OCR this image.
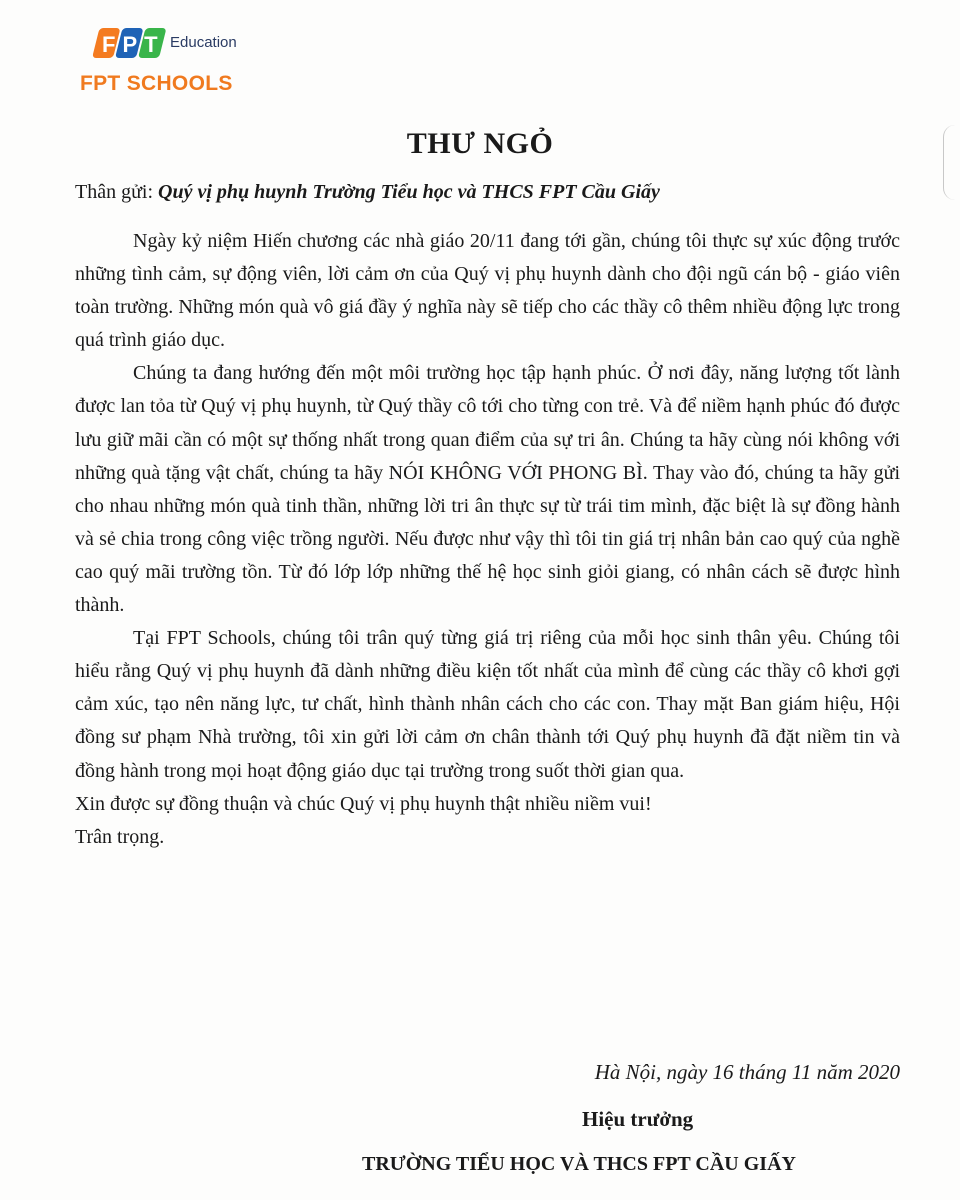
FPT Education
FPT SCHOOLS
THƯ NGỎ
Thân gửi: Quý vị phụ huynh Trường Tiểu học và THCS FPT Cầu Giấy

Ngày kỷ niệm Hiến chương các nhà giáo 20/11 đang tới gần, chúng tôi thực sự xúc động trước những tình cảm, sự động viên, lời cảm ơn của Quý vị phụ huynh dành cho đội ngũ cán bộ - giáo viên toàn trường. Những món quà vô giá đầy ý nghĩa này sẽ tiếp cho các thầy cô thêm nhiều động lực trong quá trình giáo dục.

Chúng ta đang hướng đến một môi trường học tập hạnh phúc. Ở nơi đây, năng lượng tốt lành được lan tỏa từ Quý vị phụ huynh, từ Quý thầy cô tới cho từng con trẻ. Và để niềm hạnh phúc đó được lưu giữ mãi cần có một sự thống nhất trong quan điểm của sự tri ân. Chúng ta hãy cùng nói không với những quà tặng vật chất, chúng ta hãy NÓI KHÔNG VỚI PHONG BÌ. Thay vào đó, chúng ta hãy gửi cho nhau những món quà tinh thần, những lời tri ân thực sự từ trái tim mình, đặc biệt là sự đồng hành và sẻ chia trong công việc trồng người. Nếu được như vậy thì tôi tin giá trị nhân bản cao quý của nghề cao quý mãi trường tồn. Từ đó lớp lớp những thế hệ học sinh giỏi giang, có nhân cách sẽ được hình thành.

Tại FPT Schools, chúng tôi trân quý từng giá trị riêng của mỗi học sinh thân yêu. Chúng tôi hiểu rằng Quý vị phụ huynh đã dành những điều kiện tốt nhất của mình để cùng các thầy cô khơi gợi cảm xúc, tạo nên năng lực, tư chất, hình thành nhân cách cho các con. Thay mặt Ban giám hiệu, Hội đồng sư phạm Nhà trường, tôi xin gửi lời cảm ơn chân thành tới Quý phụ huynh đã đặt niềm tin và đồng hành trong mọi hoạt động giáo dục tại trường trong suốt thời gian qua.

Xin được sự đồng thuận và chúc Quý vị phụ huynh thật nhiều niềm vui!

Trân trọng.

Hà Nội, ngày 16 tháng 11 năm 2020
Hiệu trưởng
TRƯỜNG TIỂU HỌC VÀ THCS FPT CẦU GIẤY
